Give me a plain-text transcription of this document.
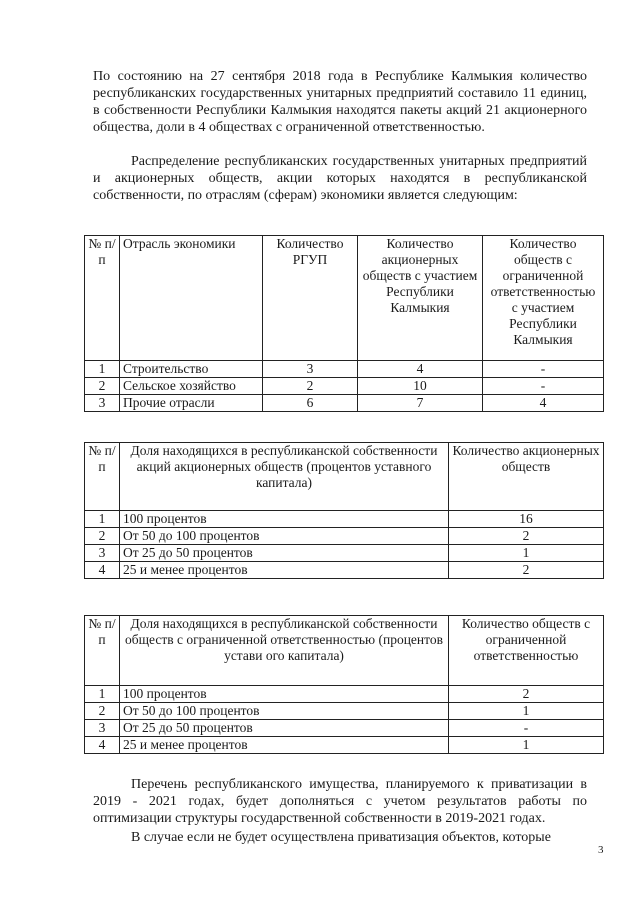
По состоянию на 27 сентября 2018 года в Республике Калмыкия количество республиканских государственных унитарных предприятий составило 11 единиц, в собственности Республики Калмыкия находятся пакеты акций 21 акционерного общества, доли в 4 обществах с ограниченной ответственностью.

Распределение республиканских государственных унитарных предприятий и акционерных обществ, акции которых находятся в республиканской собственности, по отраслям (сферам) экономики является следующим:

№ п/п	Отрасль экономики	Количество РГУП	Количество акционерных обществ с участием Республики Калмыкия	Количество обществ с ограниченной ответственностью с участием Республики Калмыкия
1	Строительство	3	4	-
2	Сельское хозяйство	2	10	-
3	Прочие отрасли	6	7	4
№ п/п	Доля находящихся в республиканской собственности акций акционерных обществ (процентов уставного капитала)	Количество акционерных обществ
1	100 процентов	16
2	От 50 до 100 процентов	2
3	От 25 до 50 процентов	1
4	25 и менее процентов	2
№ п/п	Доля находящихся в республиканской собственности обществ с ограниченной ответственностью (процентов устави ого капитала)	Количество обществ с ограниченной ответственностью
1	100 процентов	2
2	От 50 до 100 процентов	1
3	От 25 до 50 процентов	-
4	25 и менее процентов	1

Перечень республиканского имущества, планируемого к приватизации в 2019 - 2021 годах, будет дополняться с учетом результатов работы по оптимизации структуры государственной собственности в 2019-2021 годах.

В случае если не будет осуществлена приватизация объектов, которые

3
